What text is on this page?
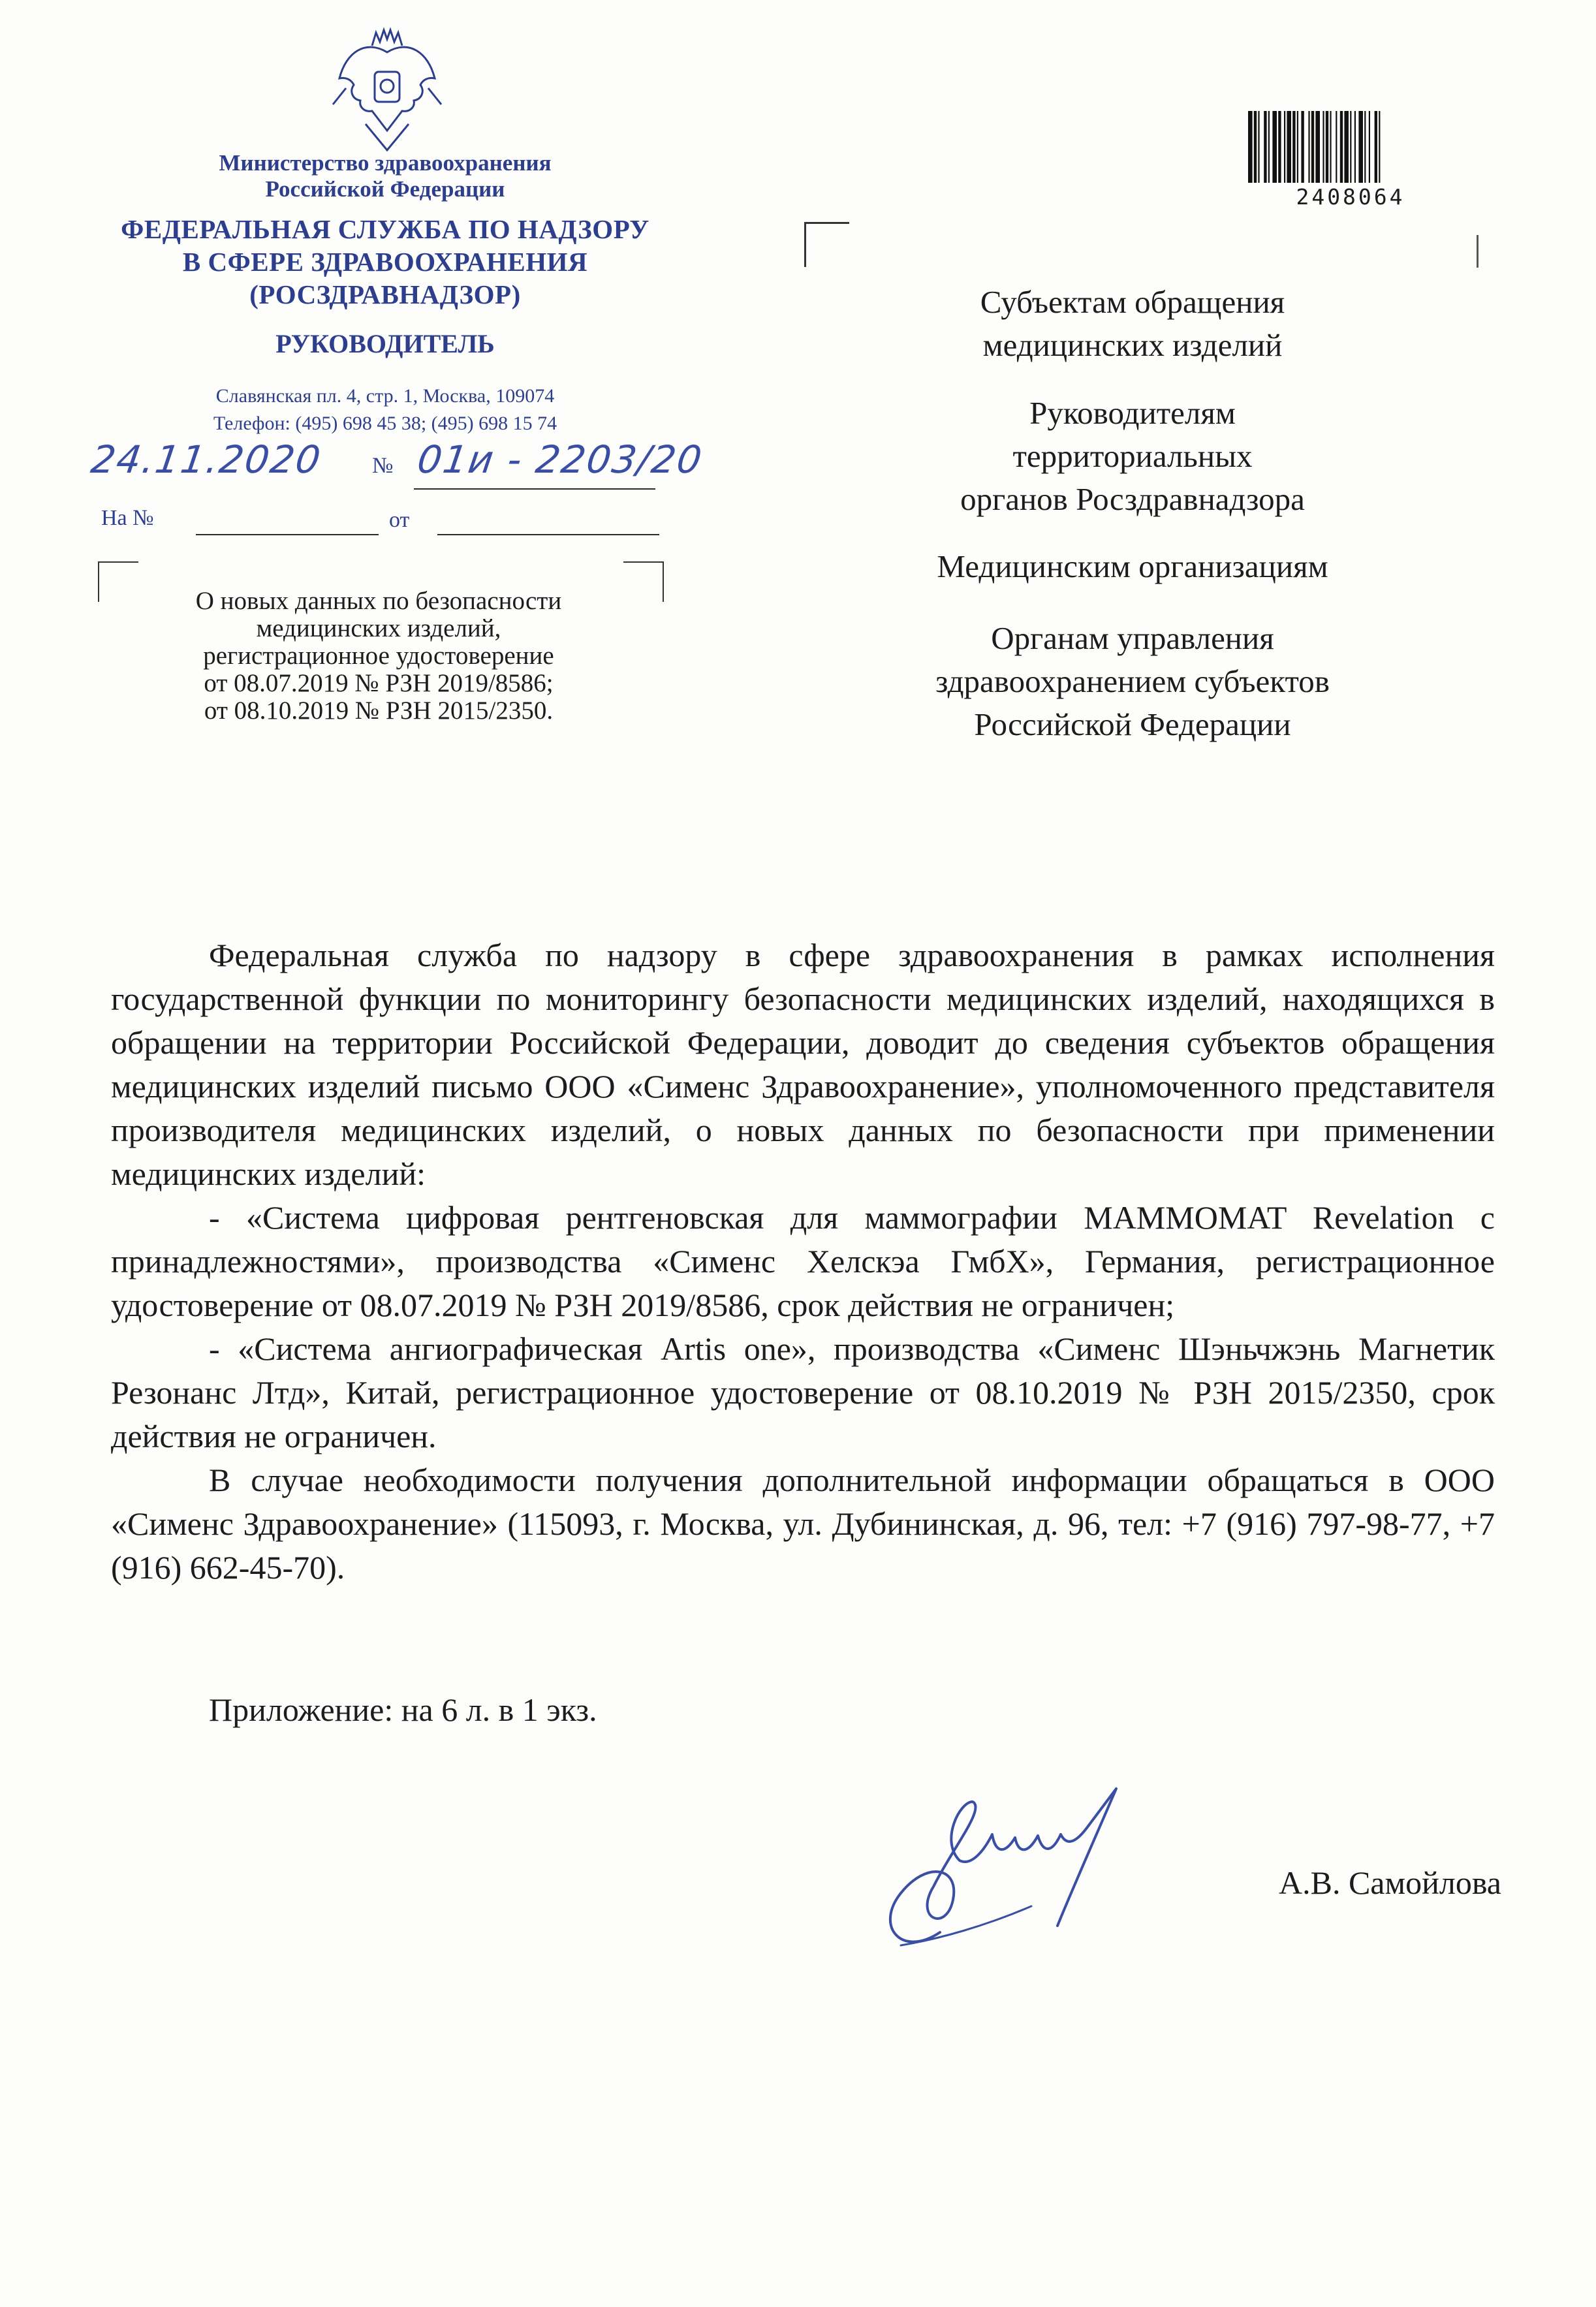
Министерство здравоохранения
Российской Федерации
ФЕДЕРАЛЬНАЯ СЛУЖБА ПО НАДЗОРУ
В СФЕРЕ ЗДРАВООХРАНЕНИЯ
(РОСЗДРАВНАДЗОР)
РУКОВОДИТЕЛЬ
Славянская пл. 4, стр. 1, Москва, 109074
Телефон: (495) 698 45 38; (495) 698 15 74
24.11.2020	№ 01и - 2203/20
На №	от
О новых данных по безопасности
медицинских изделий,
регистрационное удостоверение
от 08.07.2019 № РЗН 2019/8586;
от 08.10.2019 № РЗН 2015/2350.
2408064
Субъектам обращения
медицинских изделий
Руководителям
территориальных
органов Росздравнадзора
Медицинским организациям
Органам управления
здравоохранением субъектов
Российской Федерации

Федеральная служба по надзору в сфере здравоохранения в рамках исполнения государственной функции по мониторингу безопасности медицинских изделий, находящихся в обращении на территории Российской Федерации, доводит до сведения субъектов обращения медицинских изделий письмо ООО «Сименс Здравоохранение», уполномоченного представителя производителя медицинских изделий, о новых данных по безопасности при применении медицинских изделий:

- «Система цифровая рентгеновская для маммографии MAMMOMAT Revelation с принадлежностями», производства «Сименс Хелскэа ГмбХ», Германия, регистрационное удостоверение от 08.07.2019 № РЗН 2019/8586, срок действия не ограничен;

- «Система ангиографическая Artis one», производства «Сименс Шэньчжэнь Магнетик Резонанс Лтд», Китай, регистрационное удостоверение от 08.10.2019 № РЗН 2015/2350, срок действия не ограничен.

В случае необходимости получения дополнительной информации обращаться в ООО «Сименс Здравоохранение» (115093, г. Москва, ул. Дубининская, д. 96, тел: +7 (916) 797-98-77, +7 (916) 662-45-70).

Приложение: на 6 л. в 1 экз.
А.В. Самойлова
